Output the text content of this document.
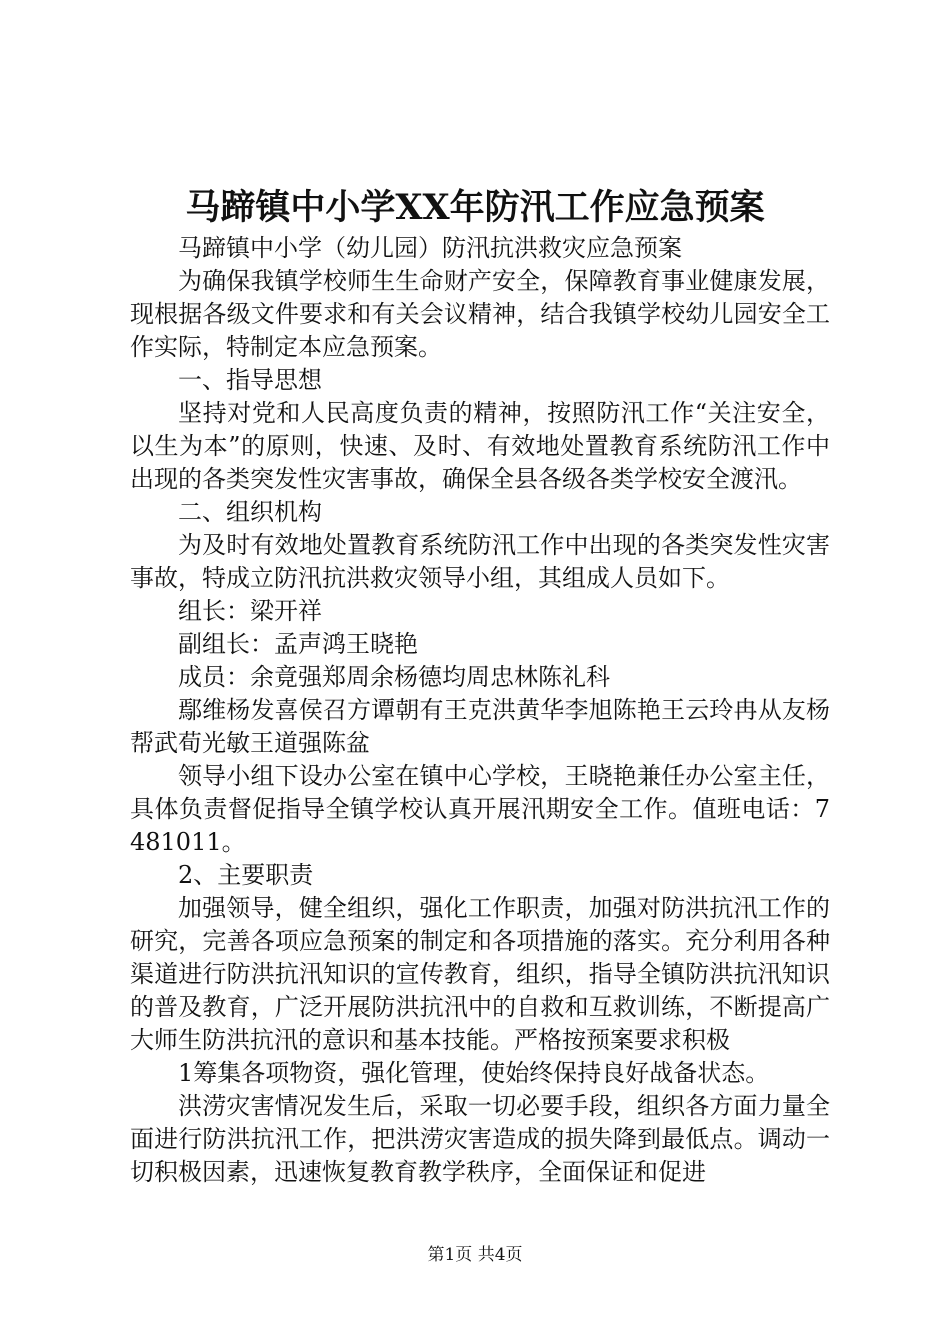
马蹄镇中小学XX年防汛工作应急预案

马蹄镇中小学（幼儿园）防汛抗洪救灾应急预案

为确保我镇学校师生生命财产安全，保障教育事业健康发展，现根据各级文件要求和有关会议精神，结合我镇学校幼儿园安全工作实际，特制定本应急预案。

一、指导思想

坚持对党和人民高度负责的精神，按照防汛工作“关注安全，以生为本”的原则，快速、及时、有效地处置教育系统防汛工作中出现的各类突发性灾害事故，确保全县各级各类学校安全渡汛。

二、组织机构

为及时有效地处置教育系统防汛工作中出现的各类突发性灾害事故，特成立防汛抗洪救灾领导小组，其组成人员如下。

组长：梁开祥

副组长：孟声鸿王晓艳

成员：余竟强郑周余杨德均周忠林陈礼科

鄢维杨发喜侯召方谭朝有王克洪黄华李旭陈艳王云玲冉从友杨帮武荀光敏王道强陈盆

领导小组下设办公室在镇中心学校，王晓艳兼任办公室主任，具体负责督促指导全镇学校认真开展汛期安全工作。值班电话：7481011。

2、主要职责

加强领导，健全组织，强化工作职责，加强对防洪抗汛工作的研究，完善各项应急预案的制定和各项措施的落实。充分利用各种渠道进行防洪抗汛知识的宣传教育，组织，指导全镇防洪抗汛知识的普及教育，广泛开展防洪抗汛中的自救和互救训练，不断提高广大师生防洪抗汛的意识和基本技能。严格按预案要求积极

1筹集各项物资，强化管理，使始终保持良好战备状态。

洪涝灾害情况发生后，采取一切必要手段，组织各方面力量全面进行防洪抗汛工作，把洪涝灾害造成的损失降到最低点。调动一切积极因素，迅速恢复教育教学秩序，全面保证和促进

第1页 共4页
